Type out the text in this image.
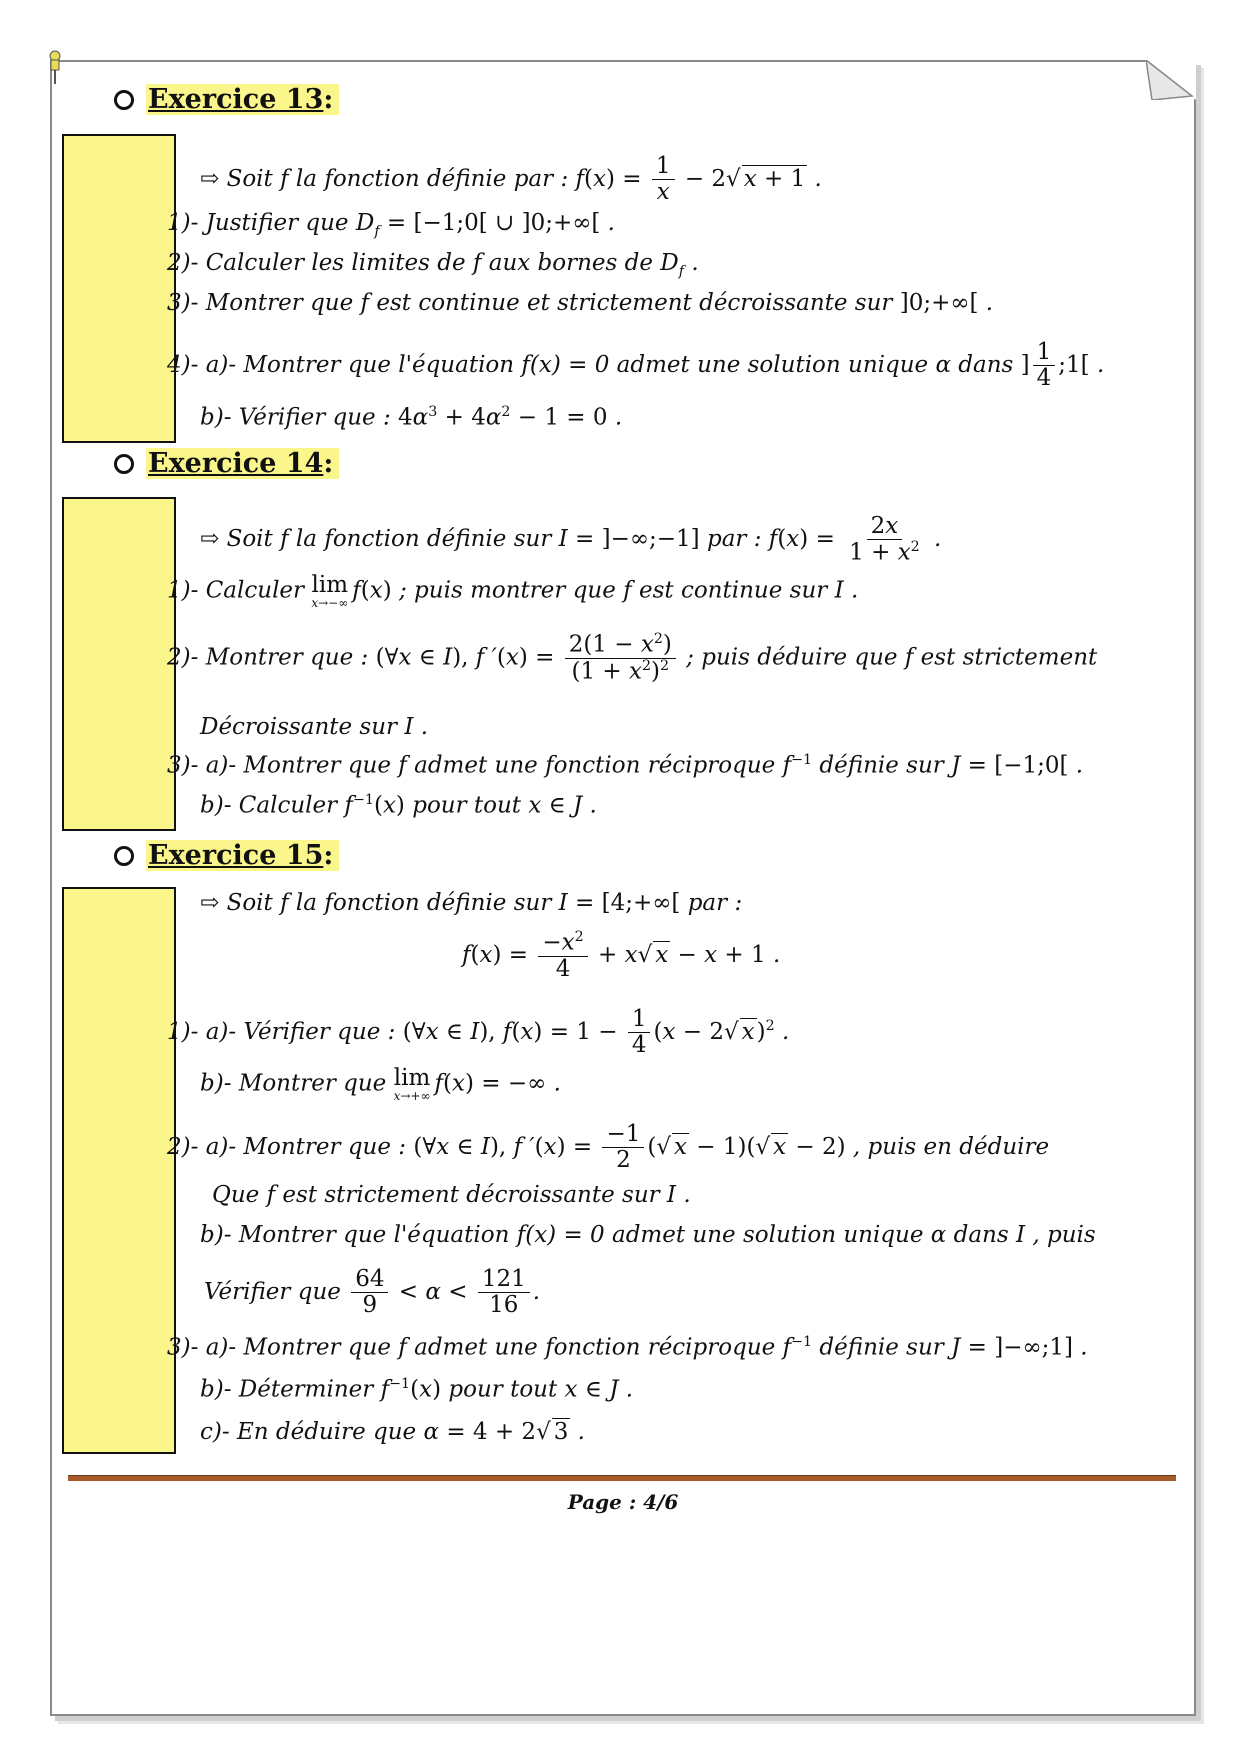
Exercice 13:
⇨ Soit f la fonction définie par : $f(x) = \frac{1}{x} - 2√$ x + 1 .
1)- Justifier que $D_f$ = [−1;0[ ∪ ]0;+∞[ .
2)- Calculer les limites de f aux bornes de $D_f$ .
3)- Montrer que f est continue et strictement décroissante sur ]0;+∞[ .
4)- a)- Montrer que l'équation f(x) = 0 admet une solution unique α dans ] $\frac{1}{4}$ ;1[ .
b)- Vérifier que : $4\alpha^3 + 4\alpha^2 - 1 = 0$ .
Exercice 14:
⇨ Soit f la fonction définie sur I = ]−∞;−1] par : $f(x) = \frac{2x}{1 + x^2}$ .
1)- Calculer lim
x→−∞ f(x) ; puis montrer que f est continue sur I .
2)- Montrer que : (∀x ∈ I), f $'(x) = \frac{2(1 - x^2)}{(1 + x^2)^2}$ ; puis déduire que f est strictement
Décroissante sur I .
3)- a)- Montrer que f admet une fonction réciproque $f^{-1}$ définie sur J = [−1;0[ .
b)- Calculer $f^{-1}(x)$ pour tout x ∈ J .
Exercice 15:
⇨ Soit f la fonction définie sur I = [4;+∞[ par :
$f(x) = \frac{-x^2}{4} + x√$ x − x + 1 .
1)- a)- Vérifier que : (∀x ∈ I), $f(x) = 1 - \frac{1}{4} (x - 2√$ x)$^2$ .
b)- Montrer que lim
x→+∞ f(x) = −∞ .
2)- a)- Montrer que : (∀x ∈ I), f $'(x) = \frac{-1}{2}$ (√ x − 1)(√ x − 2) , puis en déduire
Que f est strictement décroissante sur I .
b)- Montrer que l'équation f(x) = 0 admet une solution unique α dans I , puis
Vérifier que $\frac{64}{9} < \alpha < \frac{121}{16}$ .
3)- a)- Montrer que f admet une fonction réciproque $f^{-1}$ définie sur J = ]−∞;1] .
b)- Déterminer $f^{-1}(x)$ pour tout x ∈ J .
c)- En déduire que α = 4 + 2√ 3 .
Page : 4/6
